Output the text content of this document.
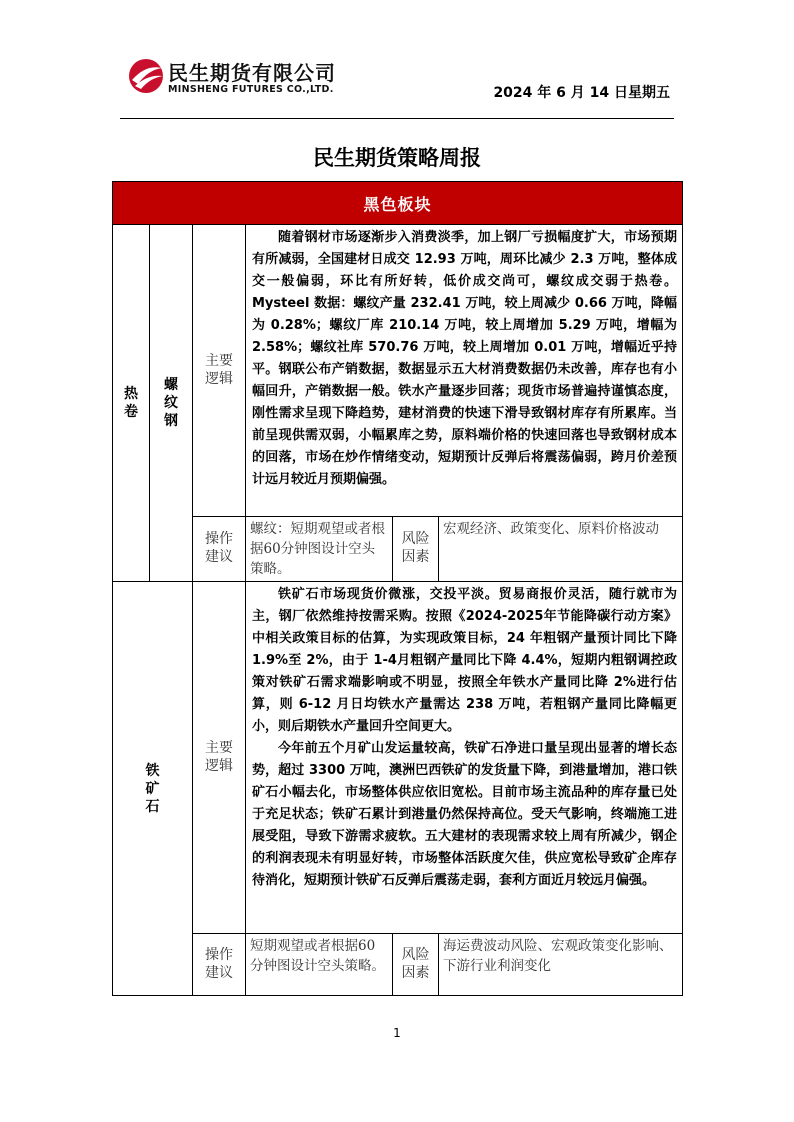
民生期货有限公司
MINSHENG FUTURES CO.,LTD.	2024 年 6 月 14 日星期五
民生期货策略周报
黑色板块					
热卷	螺纹钢	主要逻辑	随着钢材市场逐渐步入消费淡季，加上钢厂亏损幅度扩大，市场预期有所减弱，全国建材日成交 12.93 万吨，周环比减少 2.3 万吨，整体成交一般偏弱，环比有所好转，低价成交尚可，螺纹成交弱于热卷。Mysteel 数据：螺纹产量 232.41 万吨，较上周减少 0.66 万吨，降幅为 0.28%；螺纹厂库 210.14 万吨，较上周增加 5.29 万吨，增幅为 2.58%；螺纹社库 570.76 万吨，较上周增加 0.01 万吨，增幅近乎持平。钢联公布产销数据，数据显示五大材消费数据仍未改善，库存也有小幅回升，产销数据一般。铁水产量逐步回落；现货市场普遍持谨慎态度，刚性需求呈现下降趋势，建材消费的快速下滑导致钢材库存有所累库。当前呈现供需双弱，小幅累库之势，原料端价格的快速回落也导致钢材成本的回落，市场在炒作情绪变动，短期预计反弹后将震荡偏弱，跨月价差预计远月较近月预期偏强。		

		操作建议	螺纹：短期观望或者根据60分钟图设计空头策略。	风险因素	宏观经济、政策变化、原料价格波动
铁矿石		主要逻辑	铁矿石市场现货价微涨，交投平淡。贸易商报价灵活，随行就市为主，钢厂依然维持按需采购。按照《2024-2025年节能降碳行动方案》中相关政策目标的估算，为实现政策目标，24 年粗钢产量预计同比下降 1.9%至 2%，由于 1-4月粗钢产量同比下降 4.4%，短期内粗钢调控政策对铁矿石需求端影响或不明显，按照全年铁水产量同比降 2%进行估算，则 6-12 月日均铁水产量需达 238 万吨，若粗钢产量同比降幅更小，则后期铁水产量回升空间更大。

今年前五个月矿山发运量较高，铁矿石净进口量呈现出显著的增长态势，超过 3300 万吨，澳洲巴西铁矿的发货量下降，到港量增加，港口铁矿石小幅去化，市场整体供应依旧宽松。目前市场主流品种的库存量已处于充足状态；铁矿石累计到港量仍然保持高位。受天气影响，终端施工进展受阻，导致下游需求疲软。五大建材的表现需求较上周有所减少，钢企的利润表现未有明显好转，市场整体活跃度欠佳，供应宽松导致矿企库存待消化，短期预计铁矿石反弹后震荡走弱，套利方面近月较远月偏强。		

		操作建议	短期观望或者根据60分钟图设计空头策略。	风险因素	海运费波动风险、宏观政策变化影响、下游行业利润变化
1
